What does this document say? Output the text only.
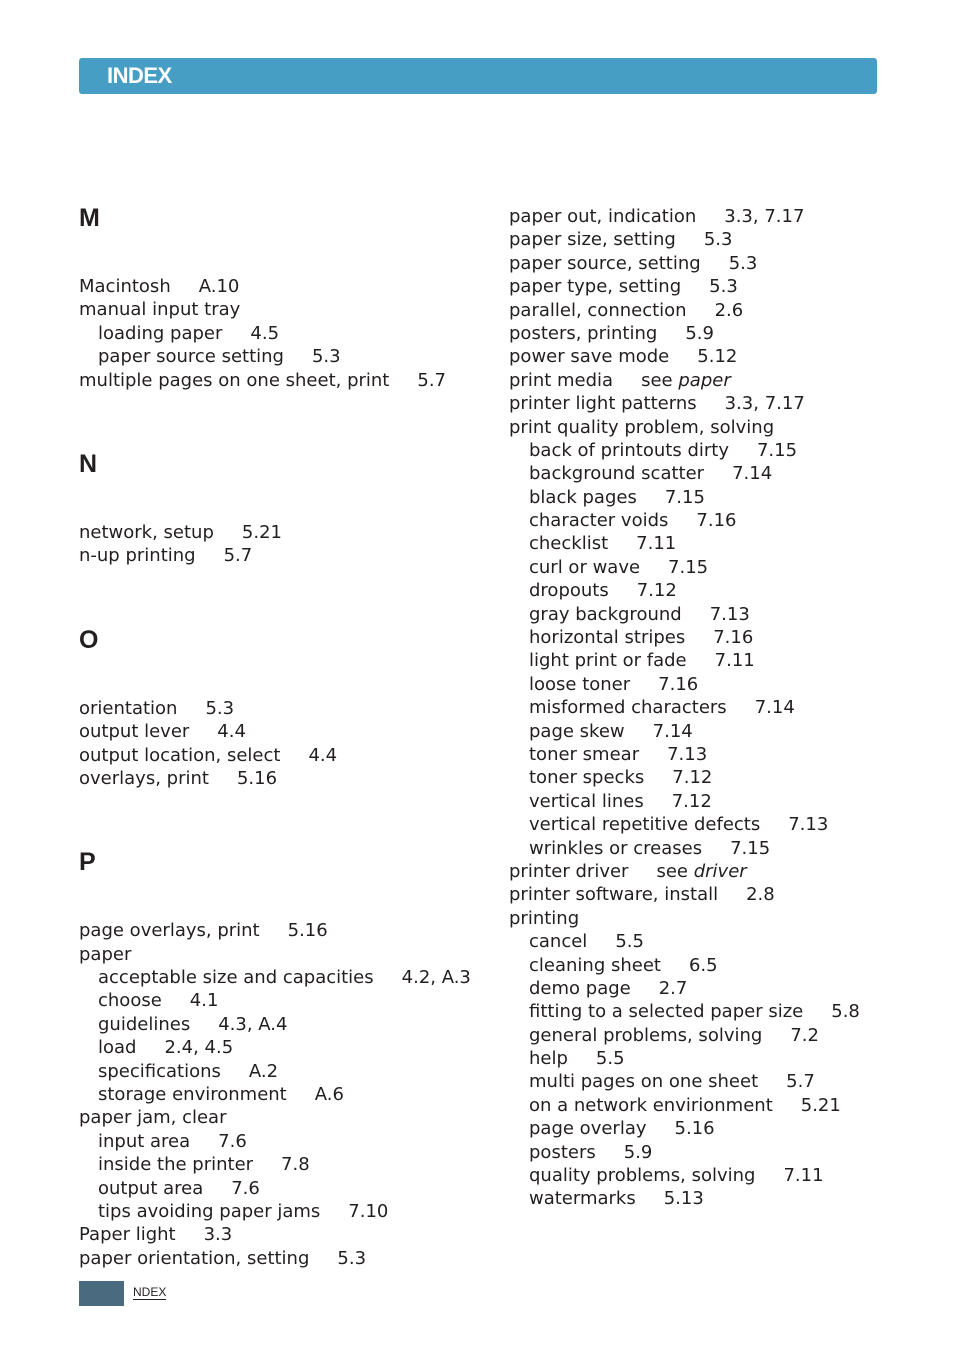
INDEX
M
Macintosh A.10
manual input tray
loading paper 4.5
paper source setting 5.3
multiple pages on one sheet, print 5.7
N
network, setup 5.21
n-up printing 5.7
O
orientation 5.3
output lever 4.4
output location, select 4.4
overlays, print 5.16
P
page overlays, print 5.16
paper
acceptable size and capacities 4.2, A.3
choose 4.1
guidelines 4.3, A.4
load 2.4, 4.5
specifications A.2
storage environment A.6
paper jam, clear
input area 7.6
inside the printer 7.8
output area 7.6
tips avoiding paper jams 7.10
Paper light 3.3
paper orientation, setting 5.3
paper out, indication 3.3, 7.17
paper size, setting 5.3
paper source, setting 5.3
paper type, setting 5.3
parallel, connection 2.6
posters, printing 5.9
power save mode 5.12
print media see paper
printer light patterns 3.3, 7.17
print quality problem, solving
back of printouts dirty 7.15
background scatter 7.14
black pages 7.15
character voids 7.16
checklist 7.11
curl or wave 7.15
dropouts 7.12
gray background 7.13
horizontal stripes 7.16
light print or fade 7.11
loose toner 7.16
misformed characters 7.14
page skew 7.14
toner smear 7.13
toner specks 7.12
vertical lines 7.12
vertical repetitive defects 7.13
wrinkles or creases 7.15
printer driver see driver
printer software, install 2.8
printing
cancel 5.5
cleaning sheet 6.5
demo page 2.7
fitting to a selected paper size 5.8
general problems, solving 7.2
help 5.5
multi pages on one sheet 5.7
on a network envirionment 5.21
page overlay 5.16
posters 5.9
quality problems, solving 7.11
watermarks 5.13
NDEX
